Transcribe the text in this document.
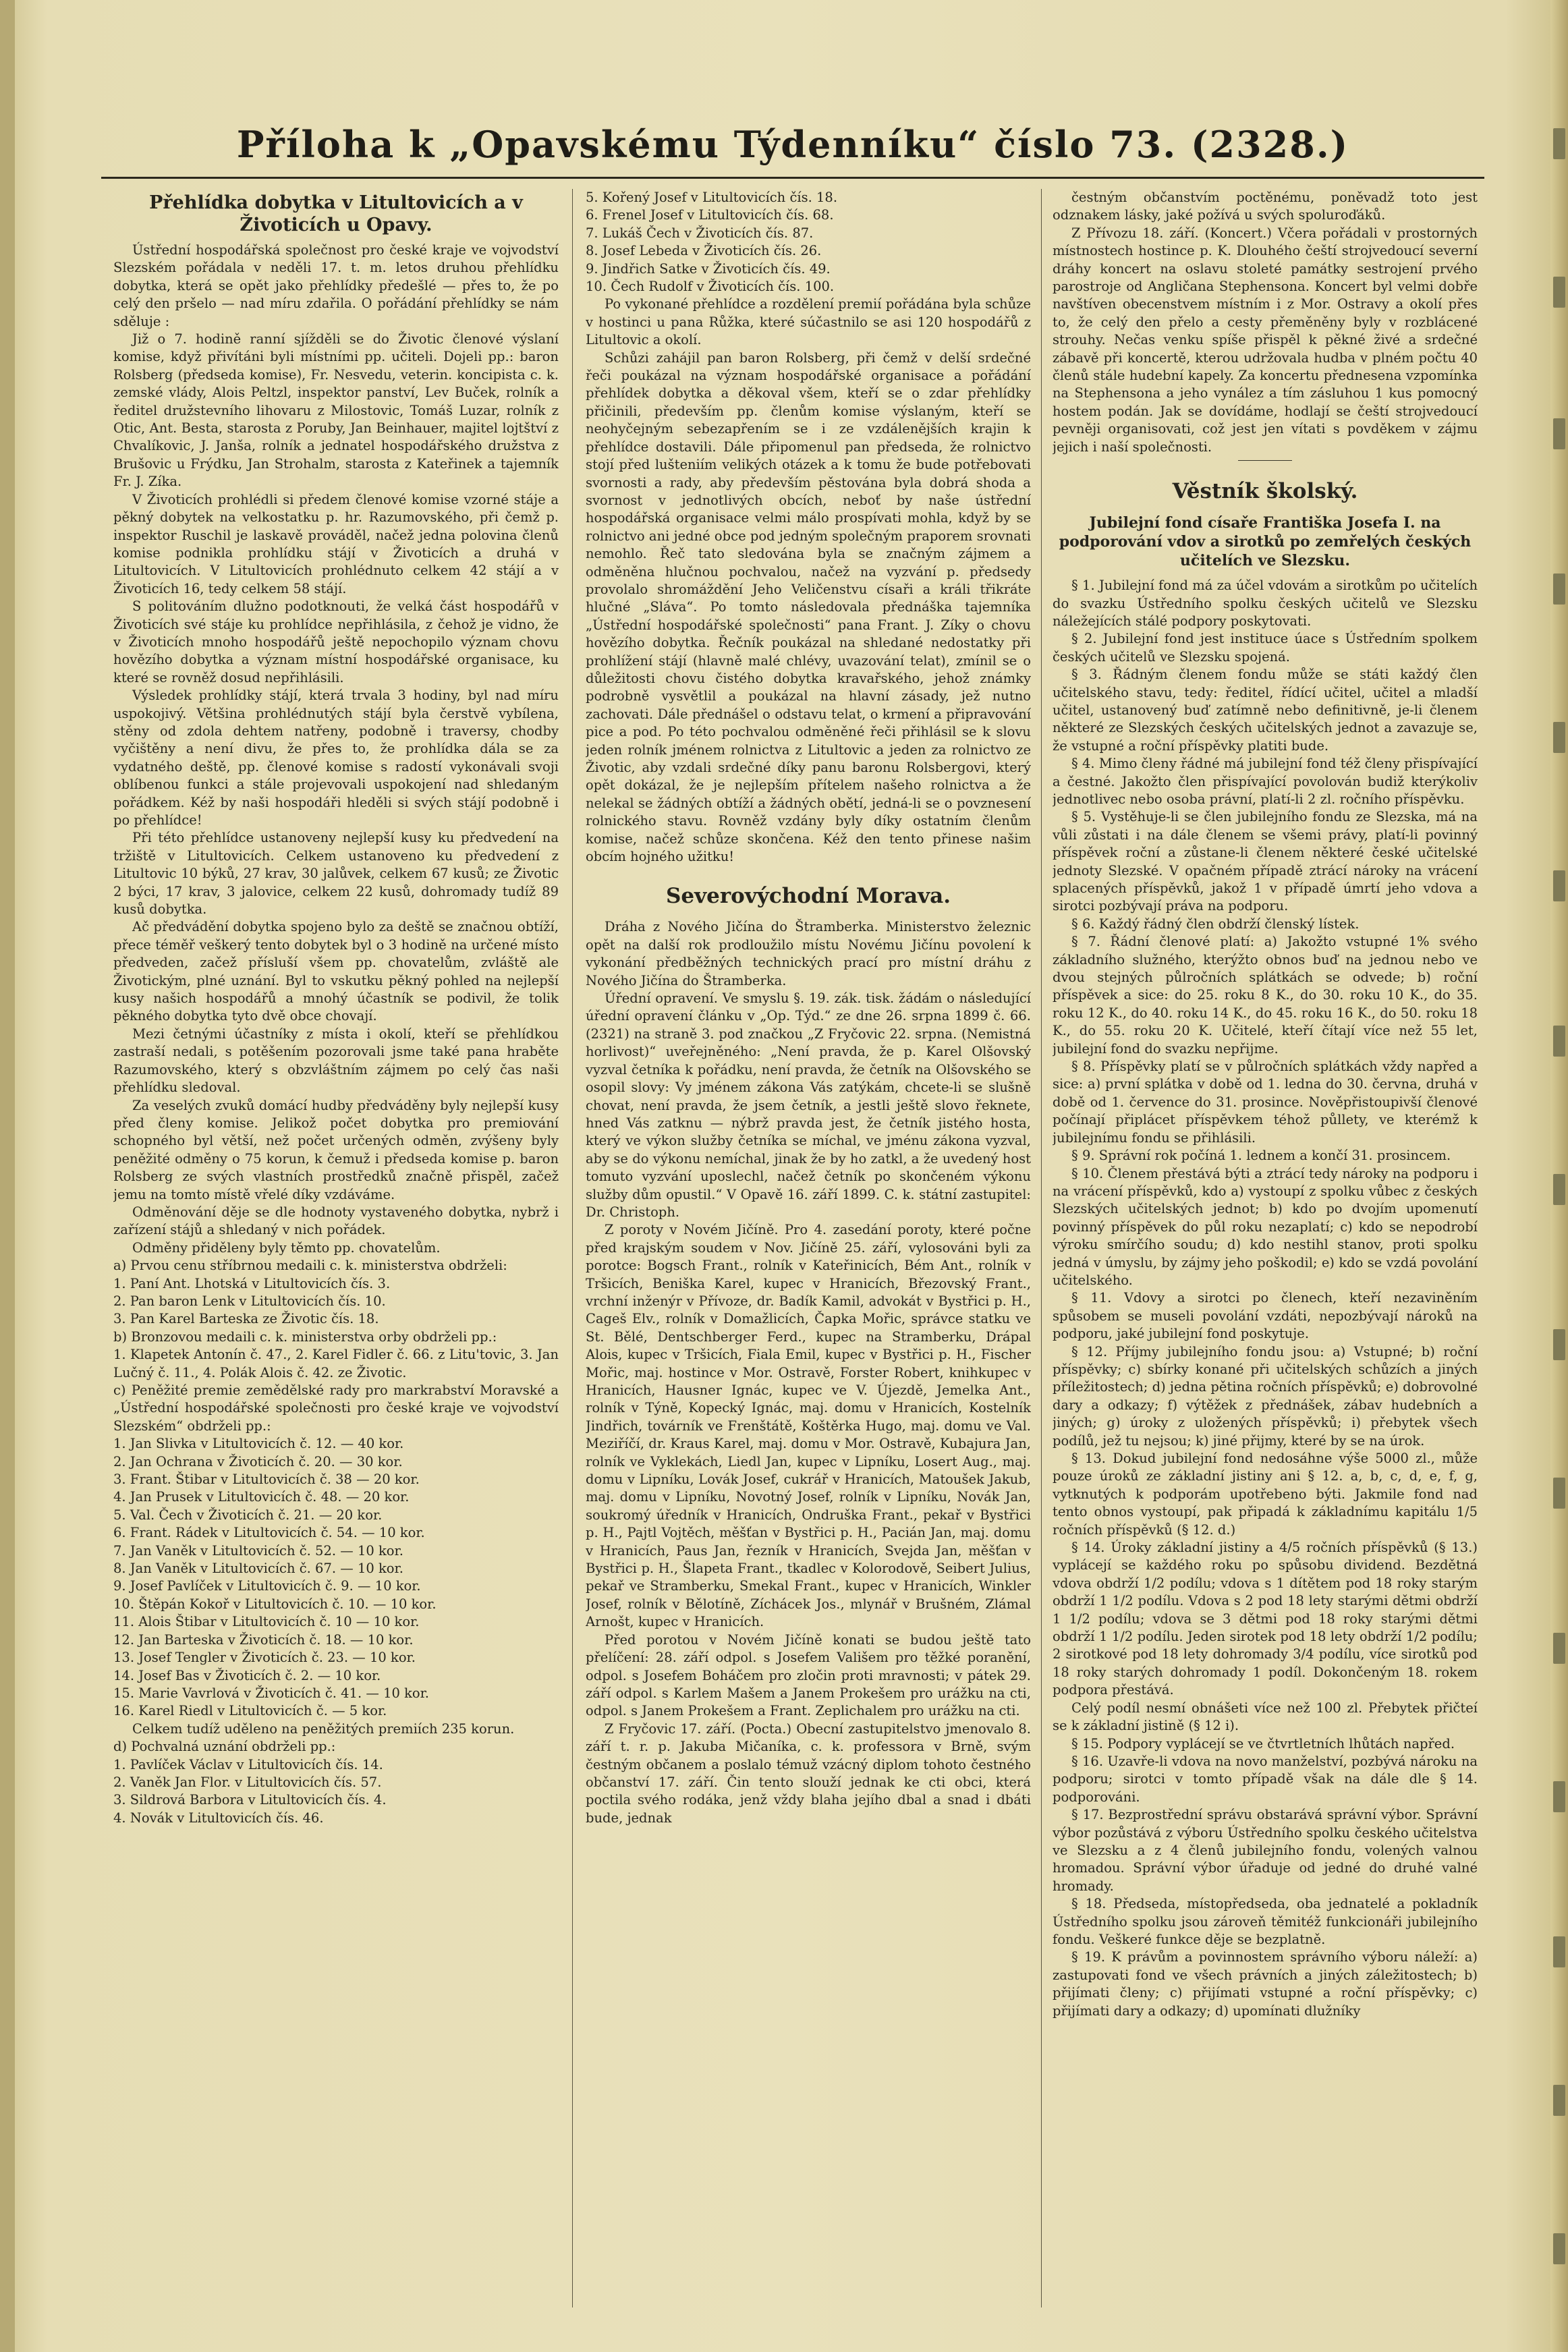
Příloha k „Opavskému Týdenníku“ číslo 73. (2328.)
Přehlídka dobytka v Litultovicích a v Životicích u Opavy.

Ústřední hospodářská společnost pro české kraje ve vojvodství Slezském pořádala v neděli 17. t. m. letos druhou přehlídku dobytka, která se opět jako přehlídky předešlé — přes to, že po celý den pršelo — nad míru zdařila. O pořádání přehlídky se nám sděluje :

Již o 7. hodině ranní sjížděli se do Životic členové výslaní komise, když přivítáni byli místními pp. učiteli. Dojeli pp.: baron Rolsberg (předseda komise), Fr. Nesvedu, veterin. koncipista c. k. zemské vlády, Alois Peltzl, inspektor panství, Lev Buček, rolník a ředitel družstevního lihovaru z Milostovic, Tomáš Luzar, rolník z Otic, Ant. Besta, starosta z Poruby, Jan Beinhauer, majitel lojtštví z Chvalíkovic, J. Janša, rolník a jednatel hospodářského družstva z Brušovic u Frýdku, Jan Strohalm, starosta z Kateřinek a tajemník Fr. J. Zíka.

V Životicích prohlédli si předem členové komise vzorné stáje a pěkný dobytek na velkostatku p. hr. Razumovského, při čemž p. inspektor Ruschil je laskavě prováděl, načež jedna polovina členů komise podnikla prohlídku stájí v Životicích a druhá v Litultovicích. V Litultovicích prohlédnuto celkem 42 stájí a v Životicích 16, tedy celkem 58 stájí.

S politováním dlužno podotknouti, že velká část hospodářů v Životicích své stáje ku prohlídce nepřihlásila, z čehož je vidno, že v Životicích mnoho hospodářů ještě nepochopilo význam chovu hovězího dobytka a význam místní hospodářské organisace, ku které se rovněž dosud nepřihlásili.

Výsledek prohlídky stájí, která trvala 3 hodiny, byl nad míru uspokojivý. Většina prohlédnutých stájí byla čerstvě vybílena, stěny od zdola dehtem natřeny, podobně i traversy, chodby vyčištěny a není divu, že přes to, že prohlídka dála se za vydatného deště, pp. členové komise s radostí vykonávali svoji oblíbenou funkci a stále projevovali uspokojení nad shledaným pořádkem. Kéž by naši hospodáři hleděli si svých stájí podobně i po přehlídce!

Při této přehlídce ustanoveny nejlepší kusy ku předvedení na tržiště v Litultovicích. Celkem ustanoveno ku předvedení z Litultovic 10 býků, 27 krav, 30 jalůvek, celkem 67 kusů; ze Životic 2 býci, 17 krav, 3 jalovice, celkem 22 kusů, dohromady tudíž 89 kusů dobytka.

Ač předvádění dobytka spojeno bylo za deště se značnou obtíží, přece téměř veškerý tento dobytek byl o 3 hodině na určené místo předveden, začež přísluší všem pp. chovatelům, zvláště ale Životickým, plné uznání. Byl to vskutku pěkný pohled na nejlepší kusy našich hospodářů a mnohý účastník se podivil, že tolik pěkného dobytka tyto dvě obce chovají.

Mezi četnými účastníky z místa i okolí, kteří se přehlídkou zastraší nedali, s potěšením pozorovali jsme také pana hraběte Razumovského, který s obzvláštním zájmem po celý čas naši přehlídku sledoval.

Za veselých zvuků domácí hudby předváděny byly nejlepší kusy před členy komise. Jelikož počet dobytka pro premiování schopného byl větší, než počet určených odměn, zvýšeny byly peněžité odměny o 75 korun, k čemuž i předseda komise p. baron Rolsberg ze svých vlastních prostředků značně přispěl, začež jemu na tomto místě vřelé díky vzdáváme.

Odměnování děje se dle hodnoty vystaveného dobytka, nybrž i zařízení stájů a shledaný v nich pořádek.

Odměny přiděleny byly těmto pp. chovatelům.

a) Prvou cenu stříbrnou medaili c. k. ministerstva obdrželi:

1. Paní Ant. Lhotská v Litultovicích čís. 3.

2. Pan baron Lenk v Litultovicích čís. 10.

3. Pan Karel Barteska ze Životic čís. 18.

b) Bronzovou medaili c. k. ministerstva orby obdrželi pp.:

1. Klapetek Antonín č. 47., 2. Karel Fidler č. 66. z Litu'tovic, 3. Jan Lučný č. 11., 4. Polák Alois č. 42. ze Životic.

c) Peněžité premie zemědělské rady pro markrabství Moravské a „Ústřední hospodářské společnosti pro české kraje ve vojvodství Slezském“ obdrželi pp.:

1. Jan Slivka v Litultovicích č. 12. — 40 kor.

2. Jan Ochrana v Životicích č. 20. — 30 kor.

3. Frant. Štibar v Litultovicích č. 38 — 20 kor.

4. Jan Prusek v Litultovicích č. 48. — 20 kor.

5. Val. Čech v Životicích č. 21. — 20 kor.

6. Frant. Rádek v Litultovicích č. 54. — 10 kor.

7. Jan Vaněk v Litultovicích č. 52. — 10 kor.

8. Jan Vaněk v Litultovicích č. 67. — 10 kor.

9. Josef Pavlíček v Litultovicích č. 9. — 10 kor.

10. Štěpán Kokoř v Litultovicích č. 10. — 10 kor.

11. Alois Štibar v Litultovicích č. 10 — 10 kor.

12. Jan Barteska v Životicích č. 18. — 10 kor.

13. Josef Tengler v Životicích č. 23. — 10 kor.

14. Josef Bas v Životicích č. 2. — 10 kor.

15. Marie Vavrlová v Životicích č. 41. — 10 kor.

16. Karel Riedl v Litultovicích č. — 5 kor.

Celkem tudíž uděleno na peněžitých premiích 235 korun.

d) Pochvalná uznání obdrželi pp.:

1. Pavlíček Václav v Litultovicích čís. 14.

2. Vaněk Jan Flor. v Litultovicích čís. 57.

3. Sildrová Barbora v Litultovicích čís. 4.

4. Novák v Litultovicích čís. 46.

5. Kořený Josef v Litultovicích čís. 18.

6. Frenel Josef v Litultovicích čís. 68.

7. Lukáš Čech v Životicích čís. 87.

8. Josef Lebeda v Životicích čís. 26.

9. Jindřich Satke v Životicích čís. 49.

10. Čech Rudolf v Životicích čís. 100.

Po vykonané přehlídce a rozdělení premií pořádána byla schůze v hostinci u pana Růžka, které súčastnilo se asi 120 hospodářů z Litultovic a okolí.

Schůzi zahájil pan baron Rolsberg, při čemž v delší srdečné řeči poukázal na význam hospodářské organisace a pořádání přehlídek dobytka a děkoval všem, kteří se o zdar přehlídky přičinili, především pp. členům komise výslaným, kteří se neohyčejným sebezapřením se i ze vzdálenějších krajin k přehlídce dostavili. Dále připomenul pan předseda, že rolnictvo stojí před lušteniím velikých otázek a k tomu že bude potřebovati svornosti a rady, aby především pěstována byla dobrá shoda a svornost v jednotlivých obcích, neboť by naše ústřední hospodářská organisace velmi málo prospívati mohla, když by se rolnictvo ani jedné obce pod jedným společným praporem srovnati nemohlo. Řeč tato sledována byla se značným zájmem a odměněna hlučnou pochvalou, načež na vyzvání p. předsedy provolalo shromáždění Jeho Veličenstvu císaři a králi třikráte hlučné „Sláva“. Po tomto následovala přednáška tajemníka „Ústřední hospodářské společnosti“ pana Frant. J. Zíky o chovu hovězího dobytka. Řečník poukázal na shledané nedostatky při prohlížení stájí (hlavně malé chlévy, uvazování telat), zmínil se o důležitosti chovu čistého dobytka kravařského, jehož známky podrobně vysvětlil a poukázal na hlavní zásady, jež nutno zachovati. Dále přednášel o odstavu telat, o krmení a připravování pice a pod. Po této pochvalou odměněné řeči přihlásil se k slovu jeden rolník jménem rolnictva z Litultovic a jeden za rolnictvo ze Životic, aby vzdali srdečné díky panu baronu Rolsbergovi, který opět dokázal, že je nejlepším přítelem našeho rolnictva a že nelekal se žádných obtíží a žádných obětí, jedná-li se o povznesení rolnického stavu. Rovněž vzdány byly díky ostatním členům komise, načež schůze skončena. Kéž den tento přinese našim obcím hojného užitku!

Severovýchodní Morava.

Dráha z Nového Jičína do Štramberka. Ministerstvo železnic opět na další rok prodloužilo místu Novému Jičínu povolení k vykonání předběžných technických prací pro místní dráhu z Nového Jičína do Štramberka.

Úřední opravení. Ve smyslu §. 19. zák. tisk. žádám o následující úřední opravení článku v „Op. Týd.“ ze dne 26. srpna 1899 č. 66. (2321) na straně 3. pod značkou „Z Fryčovic 22. srpna. (Nemistná horlivost)“ uveřejněného: „Není pravda, že p. Karel Olšovský vyzval četníka k pořádku, není pravda, že četník na Olšovského se osopil slovy: Vy jménem zákona Vás zatýkám, chcete-li se slušně chovat, není pravda, že jsem četník, a jestli ještě slovo řeknete, hned Vás zatknu — nýbrž pravda jest, že četník jistého hosta, který ve výkon služby četníka se míchal, ve jménu zákona vyzval, aby se do výkonu nemíchal, jinak že by ho zatkl, a že uvedený host tomuto vyzvání uposlechl, načež četník po skončeném výkonu služby dům opustil.“ V Opavě 16. září 1899. C. k. státní zastupitel: Dr. Christoph.

Z poroty v Novém Jičíně. Pro 4. zasedání poroty, které počne před krajským soudem v Nov. Jičíně 25. září, vylosováni byli za porotce: Bogsch Frant., rolník v Kateřinicích, Bém Ant., rolník v Tršicích, Beniška Karel, kupec v Hranicích, Březovský Frant., vrchní inženýr v Přívoze, dr. Badík Kamil, advokát v Bystřici p. H., Cageš Elv., rolník v Domažlicích, Čapka Mořic, správce statku ve St. Bělé, Dentschberger Ferd., kupec na Stramberku, Drápal Alois, kupec v Tršicích, Fiala Emil, kupec v Bystřici p. H., Fischer Mořic, maj. hostince v Mor. Ostravě, Forster Robert, knihkupec v Hranicích, Hausner Ignác, kupec ve V. Újezdě, Jemelka Ant., rolník v Týně, Kopecký Ignác, maj. domu v Hranicích, Kostelník Jindřich, továrník ve Frenštátě, Koštěrka Hugo, maj. domu ve Val. Meziříčí, dr. Kraus Karel, maj. domu v Mor. Ostravě, Kubajura Jan, rolník ve Vyklekách, Liedl Jan, kupec v Lipníku, Losert Aug., maj. domu v Lipníku, Lovák Josef, cukrář v Hranicích, Matoušek Jakub, maj. domu v Lipníku, Novotný Josef, rolník v Lipníku, Novák Jan, soukromý úředník v Hranicích, Ondruška Frant., pekař v Bystřici p. H., Pajtl Vojtěch, měšťan v Bystřici p. H., Pacián Jan, maj. domu v Hranicích, Paus Jan, řezník v Hranicích, Svejda Jan, měšťan v Bystřici p. H., Šlapeta Frant., tkadlec v Kolorodově, Seibert Julius, pekař ve Stramberku, Smekal Frant., kupec v Hranicích, Winkler Josef, rolník v Bělotíně, Zíchácek Jos., mlynář v Brušném, Zlámal Arnošt, kupec v Hranicích.

Před porotou v Novém Jičíně konati se budou ještě tato přelíčení: 28. září odpol. s Josefem Vališem pro těžké poranění, odpol. s Josefem Boháčem pro zločin proti mravnosti; v pátek 29. září odpol. s Karlem Mašem a Janem Prokešem pro urážku na cti, odpol. s Janem Prokešem a Frant. Zeplichalem pro urážku na cti.

Z Fryčovic 17. září. (Pocta.) Obecní zastupitelstvo jmenovalo 8. září t. r. p. Jakuba Mičaníka, c. k. professora v Brně, svým čestným občanem a poslalo témuž vzácný diplom tohoto čestného občanství 17. září. Čin tento slouží jednak ke cti obci, která poctila svého rodáka, jenž vždy blaha jejího dbal a snad i dbáti bude, jednak

čestným občanstvím poctěnému, poněvadž toto jest odznakem lásky, jaké požívá u svých spoluroďáků.

Z Přívozu 18. září. (Koncert.) Včera pořádali v prostorných místnostech hostince p. K. Dlouhého čeští strojvedoucí severní dráhy koncert na oslavu stoleté památky sestrojení prvého parostroje od Angličana Stephensona. Koncert byl velmi dobře navštíven obecenstvem místním i z Mor. Ostravy a okolí přes to, že celý den přelo a cesty přeměněny byly v rozblácené strouhy. Nečas venku spíše přispěl k pěkné živé a srdečné zábavě při koncertě, kterou udržovala hudba v plném počtu 40 členů stále hudební kapely. Za koncertu přednesena vzpomínka na Stephensona a jeho vynález a tím zásluhou 1 kus pomocný hostem podán. Jak se dovídáme, hodlají se čeští strojvedoucí pevněji organisovati, což jest jen vítati s povděkem v zájmu jejich i naší společnosti.

Věstník školský.
Jubilejní fond císaře Františka Josefa I. na podporování vdov a sirotků po zemřelých českých učitelích ve Slezsku.

§ 1. Jubilejní fond má za účel vdovám a sirotkům po učitelích do svazku Ústředního spolku českých učitelů ve Slezsku náležejících stálé podpory poskytovati.

§ 2. Jubilejní fond jest instituce úace s Ústředním spolkem českých učitelů ve Slezsku spojená.

§ 3. Řádným členem fondu může se státi každý člen učitelského stavu, tedy: ředitel, řídící učitel, učitel a mladší učitel, ustanovený buď zatímně nebo definitivně, je-li členem některé ze Slezských českých učitelských jednot a zavazuje se, že vstupné a roční příspěvky platiti bude.

§ 4. Mimo členy řádné má jubilejní fond též členy přispívající a čestné. Jakožto člen přispívající povolován budiž kterýkoliv jednotlivec nebo osoba právní, platí-li 2 zl. ročního příspěvku.

§ 5. Vystěhuje-li se člen jubilejního fondu ze Slezska, má na vůli zůstati i na dále členem se všemi právy, platí-li povinný příspěvek roční a zůstane-li členem některé české učitelské jednoty Slezské. V opačném případě ztrácí nároky na vrácení splacených příspěvků, jakož 1 v případě úmrtí jeho vdova a sirotci pozbývají práva na podporu.

§ 6. Každý řádný člen obdrží členský lístek.

§ 7. Řádní členové platí: a) Jakožto vstupné 1% svého základního služného, kterýžto obnos buď na jednou nebo ve dvou stejných půlročních splátkách se odvede; b) roční příspěvek a sice: do 25. roku 8 K., do 30. roku 10 K., do 35. roku 12 K., do 40. roku 14 K., do 45. roku 16 K., do 50. roku 18 K., do 55. roku 20 K. Učitelé, kteří čítají více než 55 let, jubilejní fond do svazku nepřijme.

§ 8. Příspěvky platí se v půlročních splátkách vždy napřed a sice: a) první splátka v době od 1. ledna do 30. června, druhá v době od 1. července do 31. prosince. Nověpřistoupivší členové počínají připlácet příspěvkem téhož půllety, ve kterémž k jubilejnímu fondu se přihlásili.

§ 9. Správní rok počíná 1. lednem a končí 31. prosincem.

§ 10. Členem přestává býti a ztrácí tedy nároky na podporu i na vrácení příspěvků, kdo a) vystoupí z spolku vůbec z českých Slezských učitelských jednot; b) kdo po dvojím upomenutí povinný příspěvek do půl roku nezaplatí; c) kdo se nepodrobí výroku smírčího soudu; d) kdo nestihl stanov, proti spolku jedná v úmyslu, by zájmy jeho poškodil; e) kdo se vzdá povolání učitelského.

§ 11. Vdovy a sirotci po členech, kteří nezaviněním spůsobem se museli povolání vzdáti, nepozbývají nároků na podporu, jaké jubilejní fond poskytuje.

§ 12. Příjmy jubilejního fondu jsou: a) Vstupné; b) roční příspěvky; c) sbírky konané při učitelských schůzích a jiných příležitostech; d) jedna pětina ročních příspěvků; e) dobrovolné dary a odkazy; f) výtěžek z přednášek, zábav hudebních a jiných; g) úroky z uložených příspěvků; i) přebytek všech podílů, jež tu nejsou; k) jiné přijmy, které by se na úrok.

§ 13. Dokud jubilejní fond nedosáhne výše 5000 zl., může pouze úroků ze základní jistiny ani § 12. a, b, c, d, e, f, g, vytknutých k podporám upotřebeno býti. Jakmile fond nad tento obnos vystoupí, pak připadá k základnímu kapitálu 1/5 ročních příspěvků (§ 12. d.)

§ 14. Úroky základní jistiny a 4/5 ročních příspěvků (§ 13.) vyplácejí se každého roku po spůsobu dividend. Bezdětná vdova obdrží 1/2 podílu; vdova s 1 dítětem pod 18 roky starým obdrží 1 1/2 podílu. Vdova s 2 pod 18 lety starými dětmi obdrží 1 1/2 podílu; vdova se 3 dětmi pod 18 roky starými dětmi obdrží 1 1/2 podílu. Jeden sirotek pod 18 lety obdrží 1/2 podílu; 2 sirotkové pod 18 lety dohromady 3/4 podílu, více sirotků pod 18 roky starých dohromady 1 podíl. Dokončeným 18. rokem podpora přestává.

Celý podíl nesmí obnášeti více než 100 zl. Přebytek přičteí se k základní jistině (§ 12 i).

§ 15. Podpory vyplácejí se ve čtvrtletních lhůtách napřed.

§ 16. Uzavře-li vdova na novo manželství, pozbývá nároku na podporu; sirotci v tomto případě však na dále dle § 14. podporováni.

§ 17. Bezprostřední správu obstarává správní výbor. Správní výbor pozůstává z výboru Ústředního spolku českého učitelstva ve Slezsku a z 4 členů jubilejního fondu, volených valnou hromadou. Správní výbor úřaduje od jedné do druhé valné hromady.

§ 18. Předseda, místopředseda, oba jednatelé a pokladník Ústředního spolku jsou zároveň těmitéž funkcionáři jubilejního fondu. Veškeré funkce děje se bezplatně.

§ 19. K právům a povinnostem správního výboru náleží: a) zastupovati fond ve všech právních a jiných záležitostech; b) přijímati členy; c) přijímati vstupné a roční příspěvky; c) přijímati dary a odkazy; d) upomínati dlužníky
